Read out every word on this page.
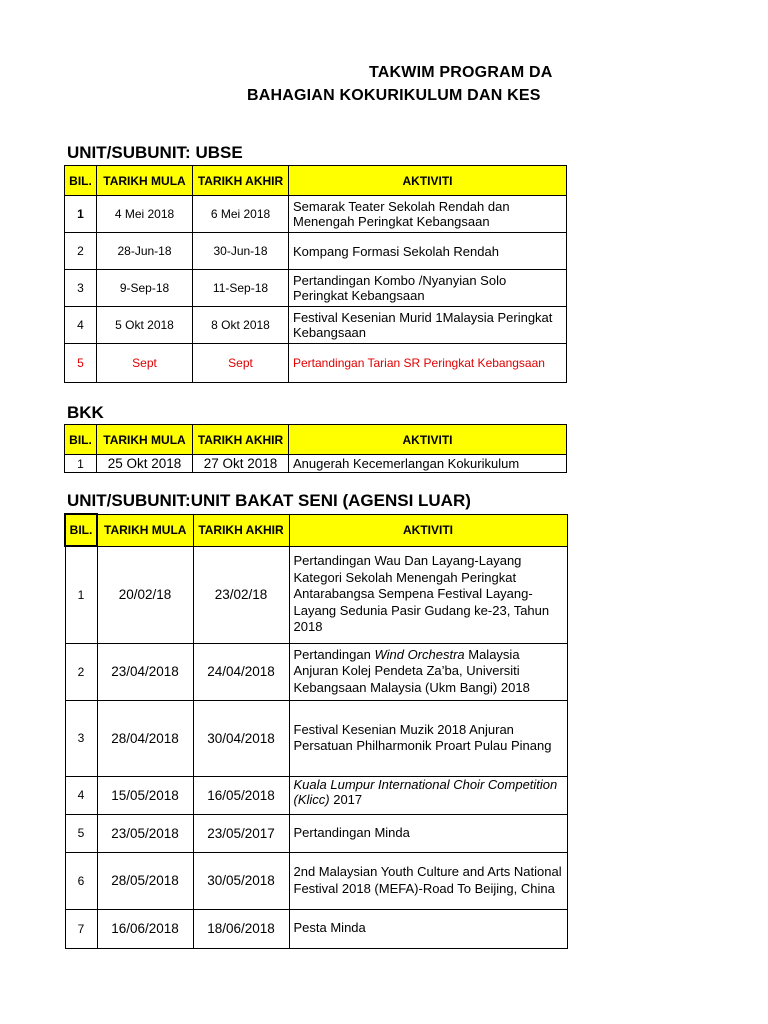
TAKWIM PROGRAM DA
BAHAGIAN KOKURIKULUM DAN KES
UNIT/SUBUNIT: UBSE
BIL.	TARIKH MULA	TARIKH AKHIR	AKTIVITI
1	4 Mei 2018	6 Mei 2018	Semarak Teater Sekolah Rendah dan Menengah Peringkat Kebangsaan
2	28-Jun-18	30-Jun-18	Kompang Formasi Sekolah Rendah
3	9-Sep-18	11-Sep-18	Pertandingan Kombo /Nyanyian Solo Peringkat Kebangsaan
4	5 Okt 2018	8 Okt 2018	Festival Kesenian Murid 1Malaysia Peringkat Kebangsaan
5	Sept	Sept	Pertandingan Tarian SR Peringkat Kebangsaan
BKK
BIL.	TARIKH MULA	TARIKH AKHIR	AKTIVITI
1	25 Okt 2018	27 Okt 2018	Anugerah Kecemerlangan Kokurikulum
UNIT/SUBUNIT:UNIT BAKAT SENI (AGENSI LUAR)
BIL.	TARIKH MULA	TARIKH AKHIR	AKTIVITI
1	20/02/18	23/02/18	Pertandingan Wau Dan Layang-Layang Kategori Sekolah Menengah Peringkat Antarabangsa Sempena Festival Layang-Layang Sedunia Pasir Gudang ke-23, Tahun 2018
2	23/04/2018	24/04/2018	Pertandingan Wind Orchestra Malaysia Anjuran Kolej Pendeta Za’ba, Universiti Kebangsaan Malaysia (Ukm Bangi) 2018
3	28/04/2018	30/04/2018	Festival Kesenian Muzik 2018 Anjuran Persatuan Philharmonik Proart Pulau Pinang
4	15/05/2018	16/05/2018	Kuala Lumpur International Choir Competition (Klicc) 2017
5	23/05/2018	23/05/2017	Pertandingan Minda
6	28/05/2018	30/05/2018	2nd Malaysian Youth Culture and Arts National Festival 2018 (MEFA)-Road To Beijing, China
7	16/06/2018	18/06/2018	Pesta Minda
